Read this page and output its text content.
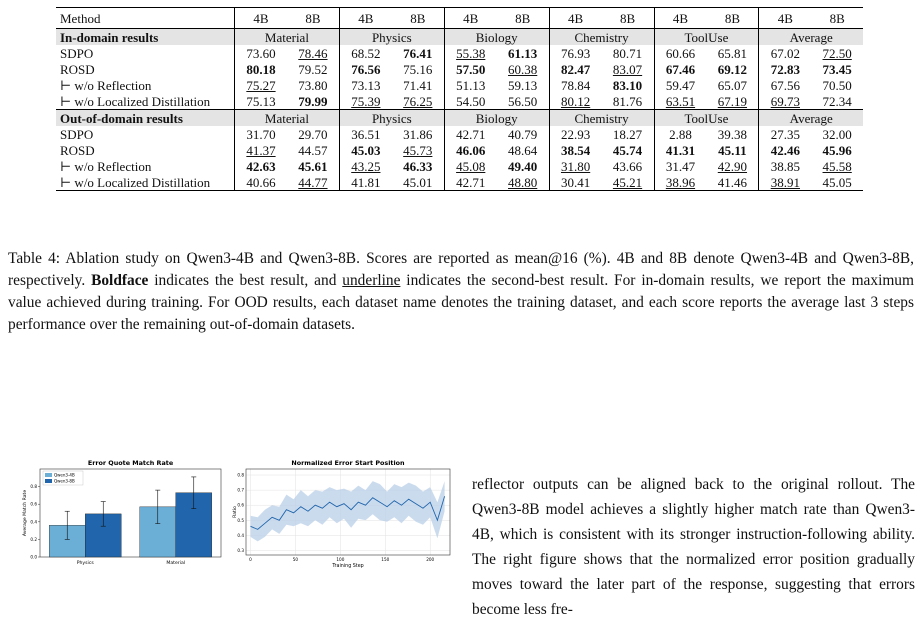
Method	4B	8B	4B	8B	4B	8B	4B	8B	4B	8B	4B	8B
In-domain results	Material		Physics		Biology		Chemistry		ToolUse		Average	
SDPO	73.60	78.46	68.52	76.41	55.38	61.13	76.93	80.71	60.66	65.81	67.02	72.50
ROSD	80.18	79.52	76.56	75.16	57.50	60.38	82.47	83.07	67.46	69.12	72.83	73.45
⊢ w/o Reflection	75.27	73.80	73.13	71.41	51.13	59.13	78.84	83.10	59.47	65.07	67.56	70.50
⊢ w/o Localized Distillation	75.13	79.99	75.39	76.25	54.50	56.50	80.12	81.76	63.51	67.19	69.73	72.34
Out-of-domain results	Material		Physics		Biology		Chemistry		ToolUse		Average	
SDPO	31.70	29.70	36.51	31.86	42.71	40.79	22.93	18.27	2.88	39.38	27.35	32.00
ROSD	41.37	44.57	45.03	45.73	46.06	48.64	38.54	45.74	41.31	45.11	42.46	45.96
⊢ w/o Reflection	42.63	45.61	43.25	46.33	45.08	49.40	31.80	43.66	31.47	42.90	38.85	45.58
⊢ w/o Localized Distillation	40.66	44.77	41.81	45.01	42.71	48.80	30.41	45.21	38.96	41.46	38.91	45.05

Table 4: Ablation study on Qwen3-4B and Qwen3-8B. Scores are reported as mean@16 (%). 4B and 8B denote Qwen3-4B and Qwen3-8B, respectively. Boldface indicates the best result, and underline indicates the second-best result. For in-domain results, we report the maximum value achieved during training. For OOD results, each dataset name denotes the training dataset, and each score reports the average last 3 steps performance over the remaining out-of-domain datasets.

Error Quote Match Rate
0.0
0.2
0.4
0.6
0.8
Average Match Rate
Physics	Material
Qwen3-4B
Qwen3-8B
Normalized Error Start Position
0.3
0.4
0.5
0.6
0.7
0.8
0	50	100	150	200
Training Step
Ratio

reflector outputs can be aligned back to the original rollout. The Qwen3-8B model achieves a slightly higher match rate than Qwen3-4B, which is consistent with its stronger instruction-following ability. The right figure shows that the normalized error position gradually moves toward the later part of the response, suggesting that errors become less fre-
